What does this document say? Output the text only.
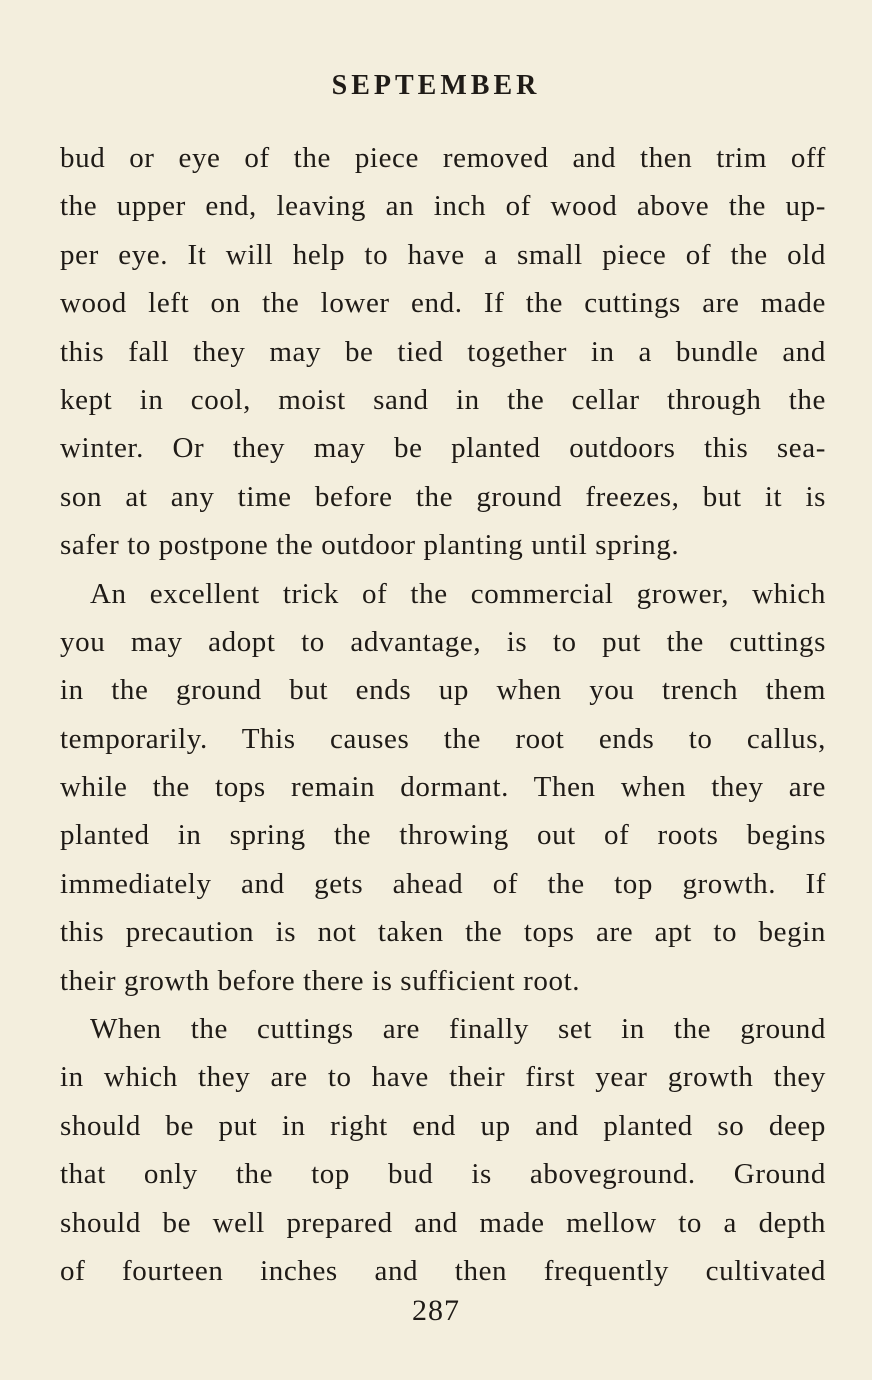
SEPTEMBER
bud or eye of the piece removed and then trim off
the upper end, leaving an inch of wood above the up-
per eye. It will help to have a small piece of the old
wood left on the lower end. If the cuttings are made
this fall they may be tied together in a bundle and
kept in cool, moist sand in the cellar through the
winter. Or they may be planted outdoors this sea-
son at any time before the ground freezes, but it is
safer to postpone the outdoor planting until spring.
An excellent trick of the commercial grower, which
you may adopt to advantage, is to put the cuttings
in the ground but ends up when you trench them
temporarily. This causes the root ends to callus,
while the tops remain dormant. Then when they are
planted in spring the throwing out of roots begins
immediately and gets ahead of the top growth. If
this precaution is not taken the tops are apt to begin
their growth before there is sufficient root.
When the cuttings are finally set in the ground
in which they are to have their first year growth they
should be put in right end up and planted so deep
that only the top bud is aboveground. Ground
should be well prepared and made mellow to a depth
of fourteen inches and then frequently cultivated
287
